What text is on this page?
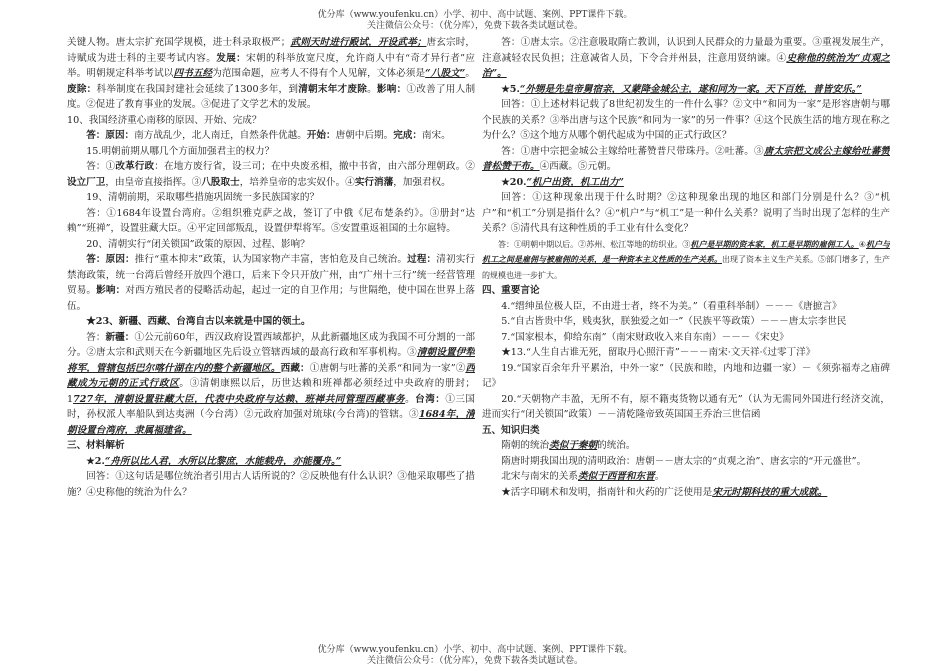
优分库（www.youfenku.cn）小学、初中、高中试题、案例、PPT课件下载。
关注微信公众号：（优分库），免费下载各类试题试卷。

关键人物。唐太宗扩充国学规模，进士科录取极严；武则天时进行殿试，开设武举；唐玄宗时，诗赋成为进士科的主要考试内容。发展：宋朝的科举放宽尺度，允许商人中有“奇才异行者”应举。明朝规定科举考试以四书五经为范围命题，应考人不得有个人见解，文体必须是“八股文”。废除：科举制度在我国封建社会延续了1300多年，到清朝末年才废除。影响：①改善了用人制度。②促进了教育事业的发展。③促进了文学艺术的发展。

10、我国经济重心南移的原因、开始、完成？

答：原因：南方战乱少，北人南迁，自然条件优越。开始：唐朝中后期。完成：南宋。

15.明朝前期从哪几个方面加强君主的权力？

答：①改革行政：在地方废行省，设三司；在中央废丞相，撤中书省，由六部分理朝政。②设立厂卫，由皇帝直接指挥。③八股取士，培养皇帝的忠实奴仆。④实行消藩，加强君权。

19、清朝前期，采取哪些措施巩固统一多民族国家的？

答：①1684年设置台湾府。②组织雅克萨之战，签订了中俄《尼布楚条约》。③册封“达赖”“班禅”，设置驻藏大臣。④平定回部叛乱，设置伊犁将军。⑤安置重返祖国的土尔扈特。

20、清朝实行“闭关锁国”政策的原因、过程、影响？

答：原因：推行“重本抑末”政策，认为国家物产丰富，害怕危及自己统治。过程：清初实行禁海政策，统一台湾后曾经开放四个港口，后来下令只开放广州，由“广州十三行”统一经营管理贸易。影响：对西方殖民者的侵略活动起，起过一定的自卫作用；与世隔绝，使中国在世界上落伍。

★23、新疆、西藏、台湾自古以来就是中国的领土。

答：新疆：①公元前60年，西汉政府设置西域都护，从此新疆地区成为我国不可分割的一部分。②唐太宗和武则天在今新疆地区先后设立管辖西域的最高行政和军事机构。③清朝设置伊犁将军，管辖包括巴尔喀什湖在内的整个新疆地区。西藏：①唐朝与吐蕃的关系“和同为一家”②西藏成为元朝的正式行政区。③清朝康熙以后，历世达赖和班禅都必须经过中央政府的册封；1727年，清朝设置驻藏大臣，代表中央政府与达赖、班禅共同管理西藏事务。台湾：①三国时，孙权派人率船队到达夷洲（今台湾）②元政府加强对琉球(今台湾)的管辖。③1684年，清朝设置台湾府，隶属福建省。

三、材料解析

★2.“舟所以比人君，水所以比黎庶，水能载舟，亦能覆舟。”

回答：①这句话是哪位统治者引用古人话所说的？②反映他有什么认识？③他采取哪些了措施？④史称他的统治为什么？

答：①唐太宗。②注意吸取隋亡教训，认识到人民群众的力量最为重要。③重视发展生产，注意减轻农民负担；注意减省人员，下令合并州县，注意用贤纳谏。④史称他的统治为“贞观之治”。

★5.“外甥是先皇帝舅宿亲，又蒙降金城公主，遂和同为一家。天下百姓，普皆安乐。”

回答：①上述材料记载了8世纪初发生的一件什么事？②文中“和同为一家”是形容唐朝与哪个民族的关系？③举出唐与这个民族“和同为一家”的另一件事？④这个民族生活的地方现在称之为什么？⑤这个地方从哪个朝代起成为中国的正式行政区？

答：①唐中宗把金城公主嫁给吐蕃赞普尺带珠丹。②吐蕃。③唐太宗把文成公主嫁给吐蕃赞普松赞干布。④西藏。⑤元朝。

★20.“机户出资，机工出力”

回答：①这种现象出现于什么时期？②这种现象出现的地区和部门分别是什么？③“机户”和“机工”分别是指什么？④“机户”与“机工”是一种什么关系？说明了当时出现了怎样的生产关系？⑤清代具有这种性质的手工业有什么变化？

答：①明朝中期以后。②苏州、松江等地的纺织业。③机户是早期的资本家，机工是早期的雇佣工人。④机户与机工之间是雇佣与被雇佣的关系，是一种资本主义性质的生产关系。出现了资本主义生产关系。⑤部门增多了，生产的规模也进一步扩大。

四、重要言论

4.“缙绅虽位极人臣，不由进士者，终不为美。”（看重科举制）－－－《唐摭言》

5.“自古皆贵中华，贱夷狄，朕独爱之如一”（民族平等政策）－－－唐太宗李世民

7.“国家根本，仰给东南”（南宋财政收入来自东南）－－－《宋史》

★13.“人生自古谁无死，留取丹心照汗青”－－－南宋·文天祥·《过零丁洋》

19.“国家百余年升平累治，中外一家”（民族和睦，内地和边疆一家）－《须弥福寿之庙碑记》

20.“天朝物产丰盈，无所不有，原不籍夷货物以通有无”（认为无需同外国进行经济交流，进而实行“闭关锁国”政策）－－清乾隆帝致英国国王乔治三世信函

五、知识归类

隋朝的统治类似于秦朝的统治。

隋唐时期我国出现的清明政治：唐朝－－唐太宗的“贞观之治”、唐玄宗的“开元盛世”。

北宋与南宋的关系类似于西晋和东晋。

★活字印刷术和发明，指南针和火药的广泛使用是宋元时期科技的重大成就。

优分库（www.youfenku.cn）小学、初中、高中试题、案例、PPT课件下载。
关注微信公众号：（优分库），免费下载各类试题试卷。
